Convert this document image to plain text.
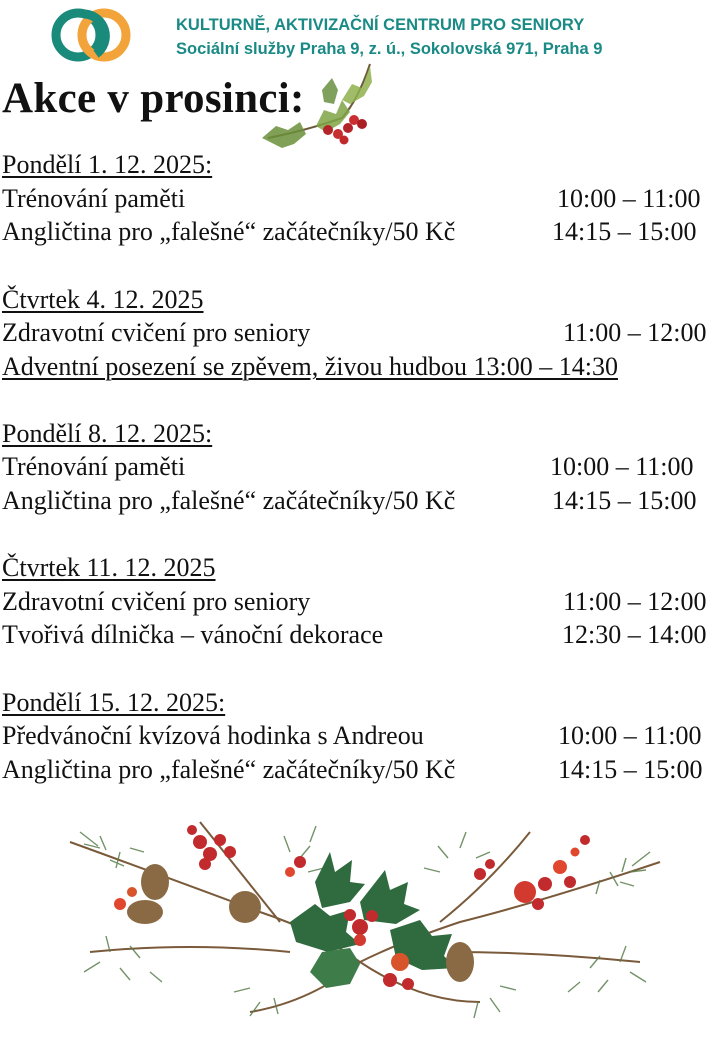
KULTURNĚ, AKTIVIZAČNÍ CENTRUM PRO SENIORY
Sociální služby Praha 9, z. ú., Sokolovská 971, Praha 9
Akce v prosinci:
Pondělí 1. 12. 2025:
Trénování paměti	10:00 – 11:00
Angličtina pro „falešné“ začátečníky/50 Kč	14:15 – 15:00
Čtvrtek 4. 12. 2025
Zdravotní cvičení pro seniory	11:00 – 12:00
Adventní posezení se zpěvem, živou hudbou 13:00 – 14:30
Pondělí 8. 12. 2025:
Trénování paměti	10:00 – 11:00
Angličtina pro „falešné“ začátečníky/50 Kč	14:15 – 15:00
Čtvrtek 11. 12. 2025
Zdravotní cvičení pro seniory	11:00 – 12:00
Tvořivá dílnička – vánoční dekorace	12:30 – 14:00
Pondělí 15. 12. 2025:
Předvánoční kvízová hodinka s Andreou	10:00 – 11:00
Angličtina pro „falešné“ začátečníky/50 Kč	14:15 – 15:00
